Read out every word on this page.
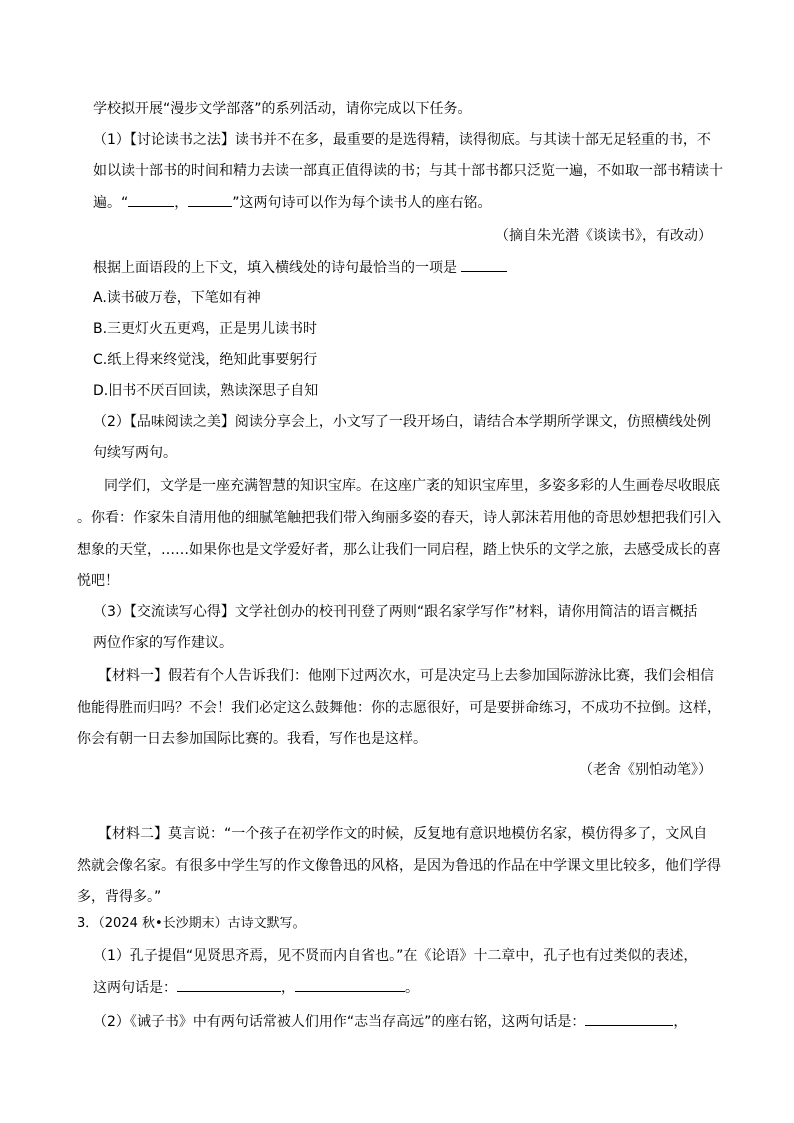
学校拟开展“漫步文学部落”的系列活动，请你完成以下任务。
（1）【讨论读书之法】读书并不在多，最重要的是选得精，读得彻底。与其读十部无足轻重的书，不
如以读十部书的时间和精力去读一部真正值得读的书；与其十部书都只泛览一遍，不如取一部书精读十
遍。“	，	”这两句诗可以作为每个读书人的座右铭。
（摘自朱光潜《谈读书》，有改动）
根据上面语段的上下文，填入横线处的诗句最恰当的一项是
A.读书破万卷，下笔如有神
B.三更灯火五更鸡，正是男儿读书时
C.纸上得来终觉浅，绝知此事要躬行
D.旧书不厌百回读，熟读深思子自知
（2）【品味阅读之美】阅读分享会上，小文写了一段开场白，请结合本学期所学课文，仿照横线处例
句续写两句。
同学们，文学是一座充满智慧的知识宝库。在这座广袤的知识宝库里，多姿多彩的人生画卷尽收眼底
。你看：作家朱自清用他的细腻笔触把我们带入绚丽多姿的春天，诗人郭沫若用他的奇思妙想把我们引入
想象的天堂，……如果你也是文学爱好者，那么让我们一同启程，踏上快乐的文学之旅，去感受成长的喜
悦吧！
（3）【交流读写心得】文学社创办的校刊刊登了两则“跟名家学写作”材料，请你用简洁的语言概括
两位作家的写作建议。
【材料一】假若有个人告诉我们：他刚下过两次水，可是决定马上去参加国际游泳比赛，我们会相信
他能得胜而归吗？不会！我们必定这么鼓舞他：你的志愿很好，可是要拼命练习，不成功不拉倒。这样，
你会有朝一日去参加国际比赛的。我看，写作也是这样。
（老舍《别怕动笔》）
【材料二】莫言说：“一个孩子在初学作文的时候，反复地有意识地模仿名家，模仿得多了，文风自
然就会像名家。有很多中学生写的作文像鲁迅的风格，是因为鲁迅的作品在中学课文里比较多，他们学得
多，背得多。”
3．（2024 秋•长沙期末）古诗文默写。
（1）孔子提倡“见贤思齐焉，见不贤而内自省也。”在《论语》十二章中，孔子也有过类似的表述，
这两句话是：	，	。
（2）《诫子书》中有两句话常被人们用作“志当存高远”的座右铭，这两句话是：	，
